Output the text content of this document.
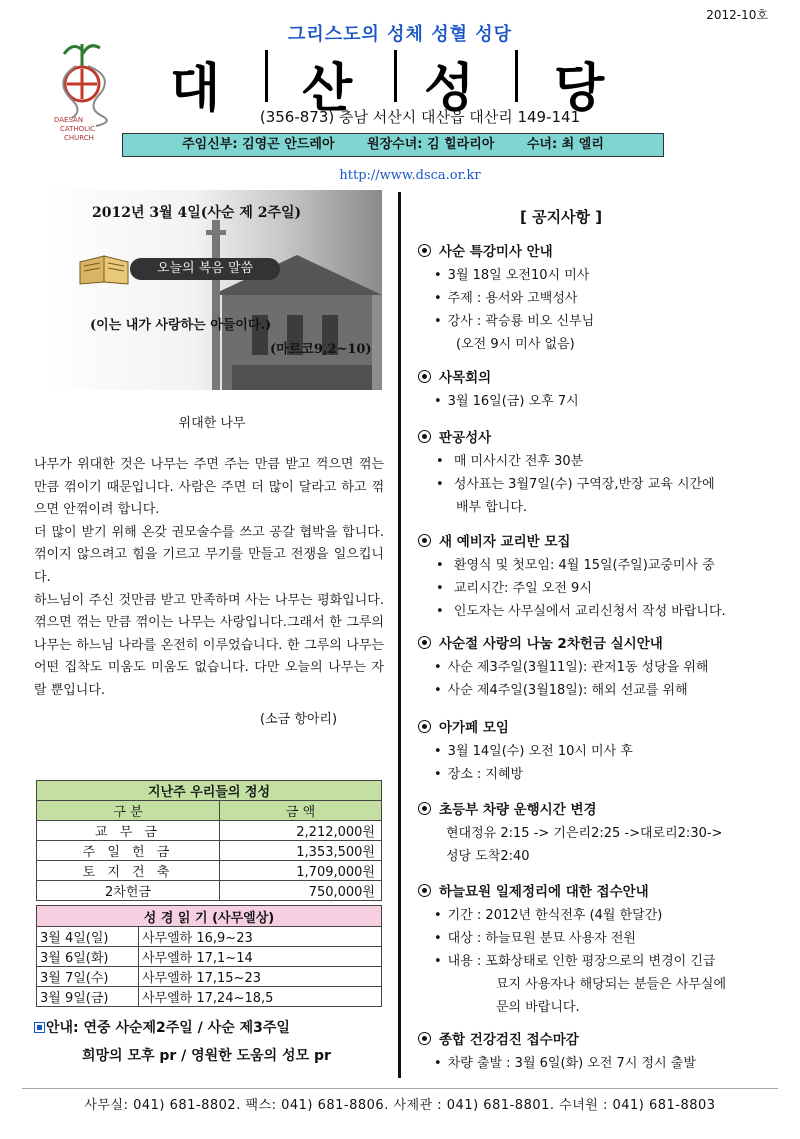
2012-10호
그리스도의 성체 성혈 성당
DAESAN
CATHOLIC
CHURCH
대 산 성 당
(356-873) 충남 서산시 대산읍 대산리 149-141
주임신부: 김영곤 안드레아	원장수녀: 김 힐라리아	수녀: 최 엘리
http://www.dsca.or.kr
2012년 3월 4일(사순 제 2주일)
오늘의 복음 말씀
(이는 내가 사랑하는 아들이다.)
(마르코9,2~10)
위대한 나무

나무가 위대한 것은 나무는 주면 주는 만큼 받고 꺽으면 꺾는 만큼 꺾이기 때문입니다. 사람은 주면 더 많이 달라고 하고 꺾으면 안꺾이려 합니다.

더 많이 받기 위해 온갖 권모술수를 쓰고 공갈 협박을 합니다. 꺾이지 않으려고 힘을 기르고 무기를 만들고 전쟁을 일으킵니다.

하느님이 주신 것만큼 받고 만족하며 사는 나무는 평화입니다. 꺾으면 꺾는 만큼 꺾이는 나무는 사랑입니다.그래서 한 그루의 나무는 하느님 나라를 온전히 이루었습니다. 한 그루의 나무는 어떤 집착도 미움도 미움도 없습니다. 다만 오늘의 나무는 자랄 뿐입니다.

(소금 항아리)
지난주 우리들의 정성	
구 분	금 액
교 무 금	2,212,000원
주 일 헌 금	1,353,500원
토 지 건 축	1,709,000원
2차헌금	750,000원
성 경 읽 기 (사무엘상)	
3월 4일(일)	사무엘하 16,9~23
3월 6일(화)	사무엘하 17,1~14
3월 7일(수)	사무엘하 17,15~23
3월 9일(금)	사무엘하 17,24~18,5
안내: 연중 사순제2주일 / 사순 제3주일
희망의 모후 pr / 영원한 도움의 성모 pr
[ 공지사항 ]
사순 특강미사 안내
• 3월 18일 오전10시 미사
• 주제 : 용서와 고백성사
• 강사 : 곽승룡 비오 신부님
(오전 9시 미사 없음)
사목회의
• 3월 16일(금) 오후 7시
판공성사
• 매 미사시간 전후 30분
• 성사표는 3월7일(수) 구역장,반장 교육 시간에
배부 합니다.
새 예비자 교리반 모집
• 환영식 및 첫모임: 4월 15일(주일)교중미사 중
• 교리시간: 주일 오전 9시
• 인도자는 사무실에서 교리신청서 작성 바랍니다.
사순절 사랑의 나눔 2차헌금 실시안내
• 사순 제3주일(3월11일): 관저1동 성당을 위해
• 사순 제4주일(3월18일): 해외 선교를 위해
아가페 모임
• 3월 14일(수) 오전 10시 미사 후
• 장소 : 지혜방
초등부 차량 운행시간 변경
현대정유 2:15 -> 기은리2:25 ->대로리2:30->
성당 도착2:40
하늘묘원 일제정리에 대한 접수안내
• 기간 : 2012년 한식전후 (4월 한달간)
• 대상 : 하늘묘원 분묘 사용자 전원
• 내용 : 포화상태로 인한 평장으로의 변경이 긴급
묘지 사용자나 해당되는 분들은 사무실에
문의 바랍니다.
종합 건강검진 접수마감
• 차량 출발 : 3월 6일(화) 오전 7시 정시 출발
사무실: 041) 681-8802. 팩스: 041) 681-8806. 사제관 : 041) 681-8801. 수녀원 : 041) 681-8803
